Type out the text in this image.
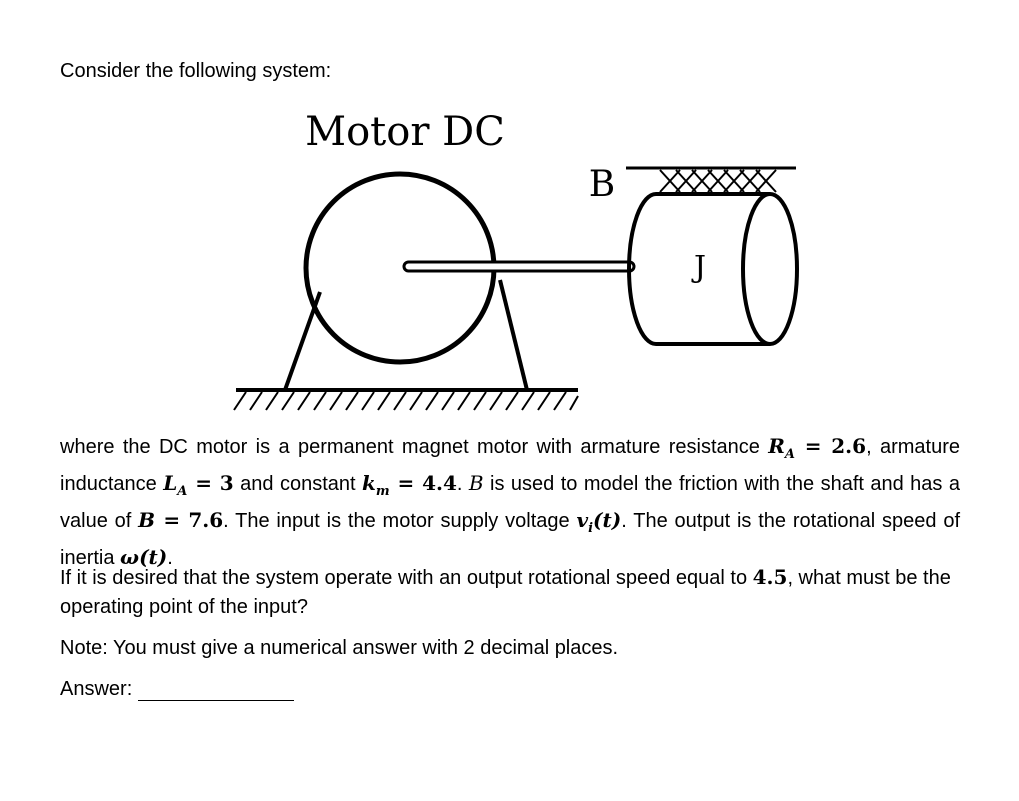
Consider the following system:
Motor DC
J
B
where the DC motor is a permanent magnet motor with armature resistance $R_A = 2.6$, armature inductance $L_A = 3$ and constant $k_m = 4.4$. B is used to model the friction with the shaft and has a value of B = 7.6. The input is the motor supply voltage $v_i(t)$. The output is the rotational speed of inertia ω(t).
If it is desired that the system operate with an output rotational speed equal to 4.5, what must be the operating point of the input?
Note: You must give a numerical answer with 2 decimal places.
Answer:
